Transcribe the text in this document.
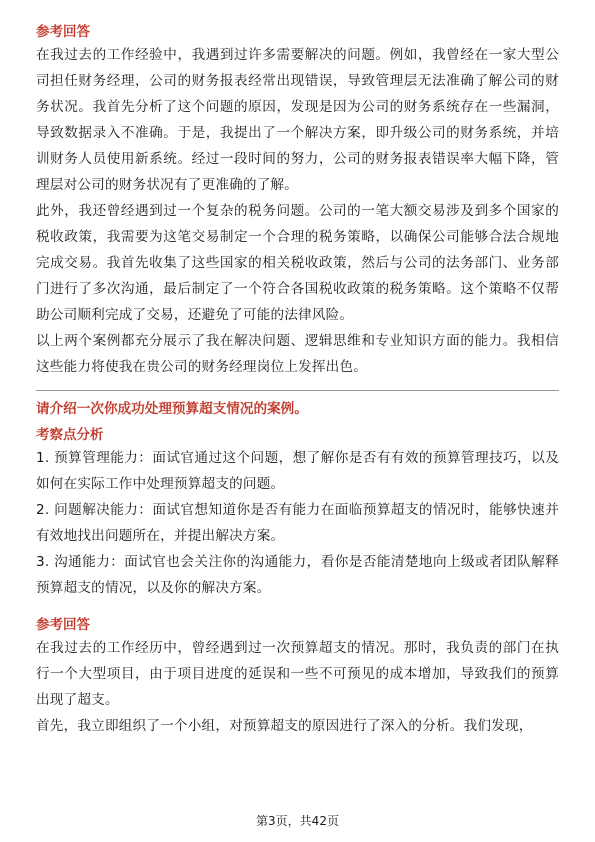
参考回答

在我过去的工作经验中，我遇到过许多需要解决的问题。例如，我曾经在一家大型公司担任财务经理，公司的财务报表经常出现错误，导致管理层无法准确了解公司的财务状况。我首先分析了这个问题的原因，发现是因为公司的财务系统存在一些漏洞，导致数据录入不准确。于是，我提出了一个解决方案，即升级公司的财务系统，并培训财务人员使用新系统。经过一段时间的努力，公司的财务报表错误率大幅下降，管理层对公司的财务状况有了更准确的了解。

此外，我还曾经遇到过一个复杂的税务问题。公司的一笔大额交易涉及到多个国家的税收政策，我需要为这笔交易制定一个合理的税务策略，以确保公司能够合法合规地完成交易。我首先收集了这些国家的相关税收政策，然后与公司的法务部门、业务部门进行了多次沟通，最后制定了一个符合各国税收政策的税务策略。这个策略不仅帮助公司顺利完成了交易，还避免了可能的法律风险。

以上两个案例都充分展示了我在解决问题、逻辑思维和专业知识方面的能力。我相信这些能力将使我在贵公司的财务经理岗位上发挥出色。

请介绍一次你成功处理预算超支情况的案例。

考察点分析

1. 预算管理能力：面试官通过这个问题，想了解你是否有有效的预算管理技巧，以及如何在实际工作中处理预算超支的问题。

2. 问题解决能力：面试官想知道你是否有能力在面临预算超支的情况时，能够快速并有效地找出问题所在，并提出解决方案。

3. 沟通能力：面试官也会关注你的沟通能力，看你是否能清楚地向上级或者团队解释预算超支的情况，以及你的解决方案。

参考回答

在我过去的工作经历中，曾经遇到过一次预算超支的情况。那时，我负责的部门在执行一个大型项目，由于项目进度的延误和一些不可预见的成本增加，导致我们的预算出现了超支。

首先，我立即组织了一个小组，对预算超支的原因进行了深入的分析。我们发现，

第3页，共42页
